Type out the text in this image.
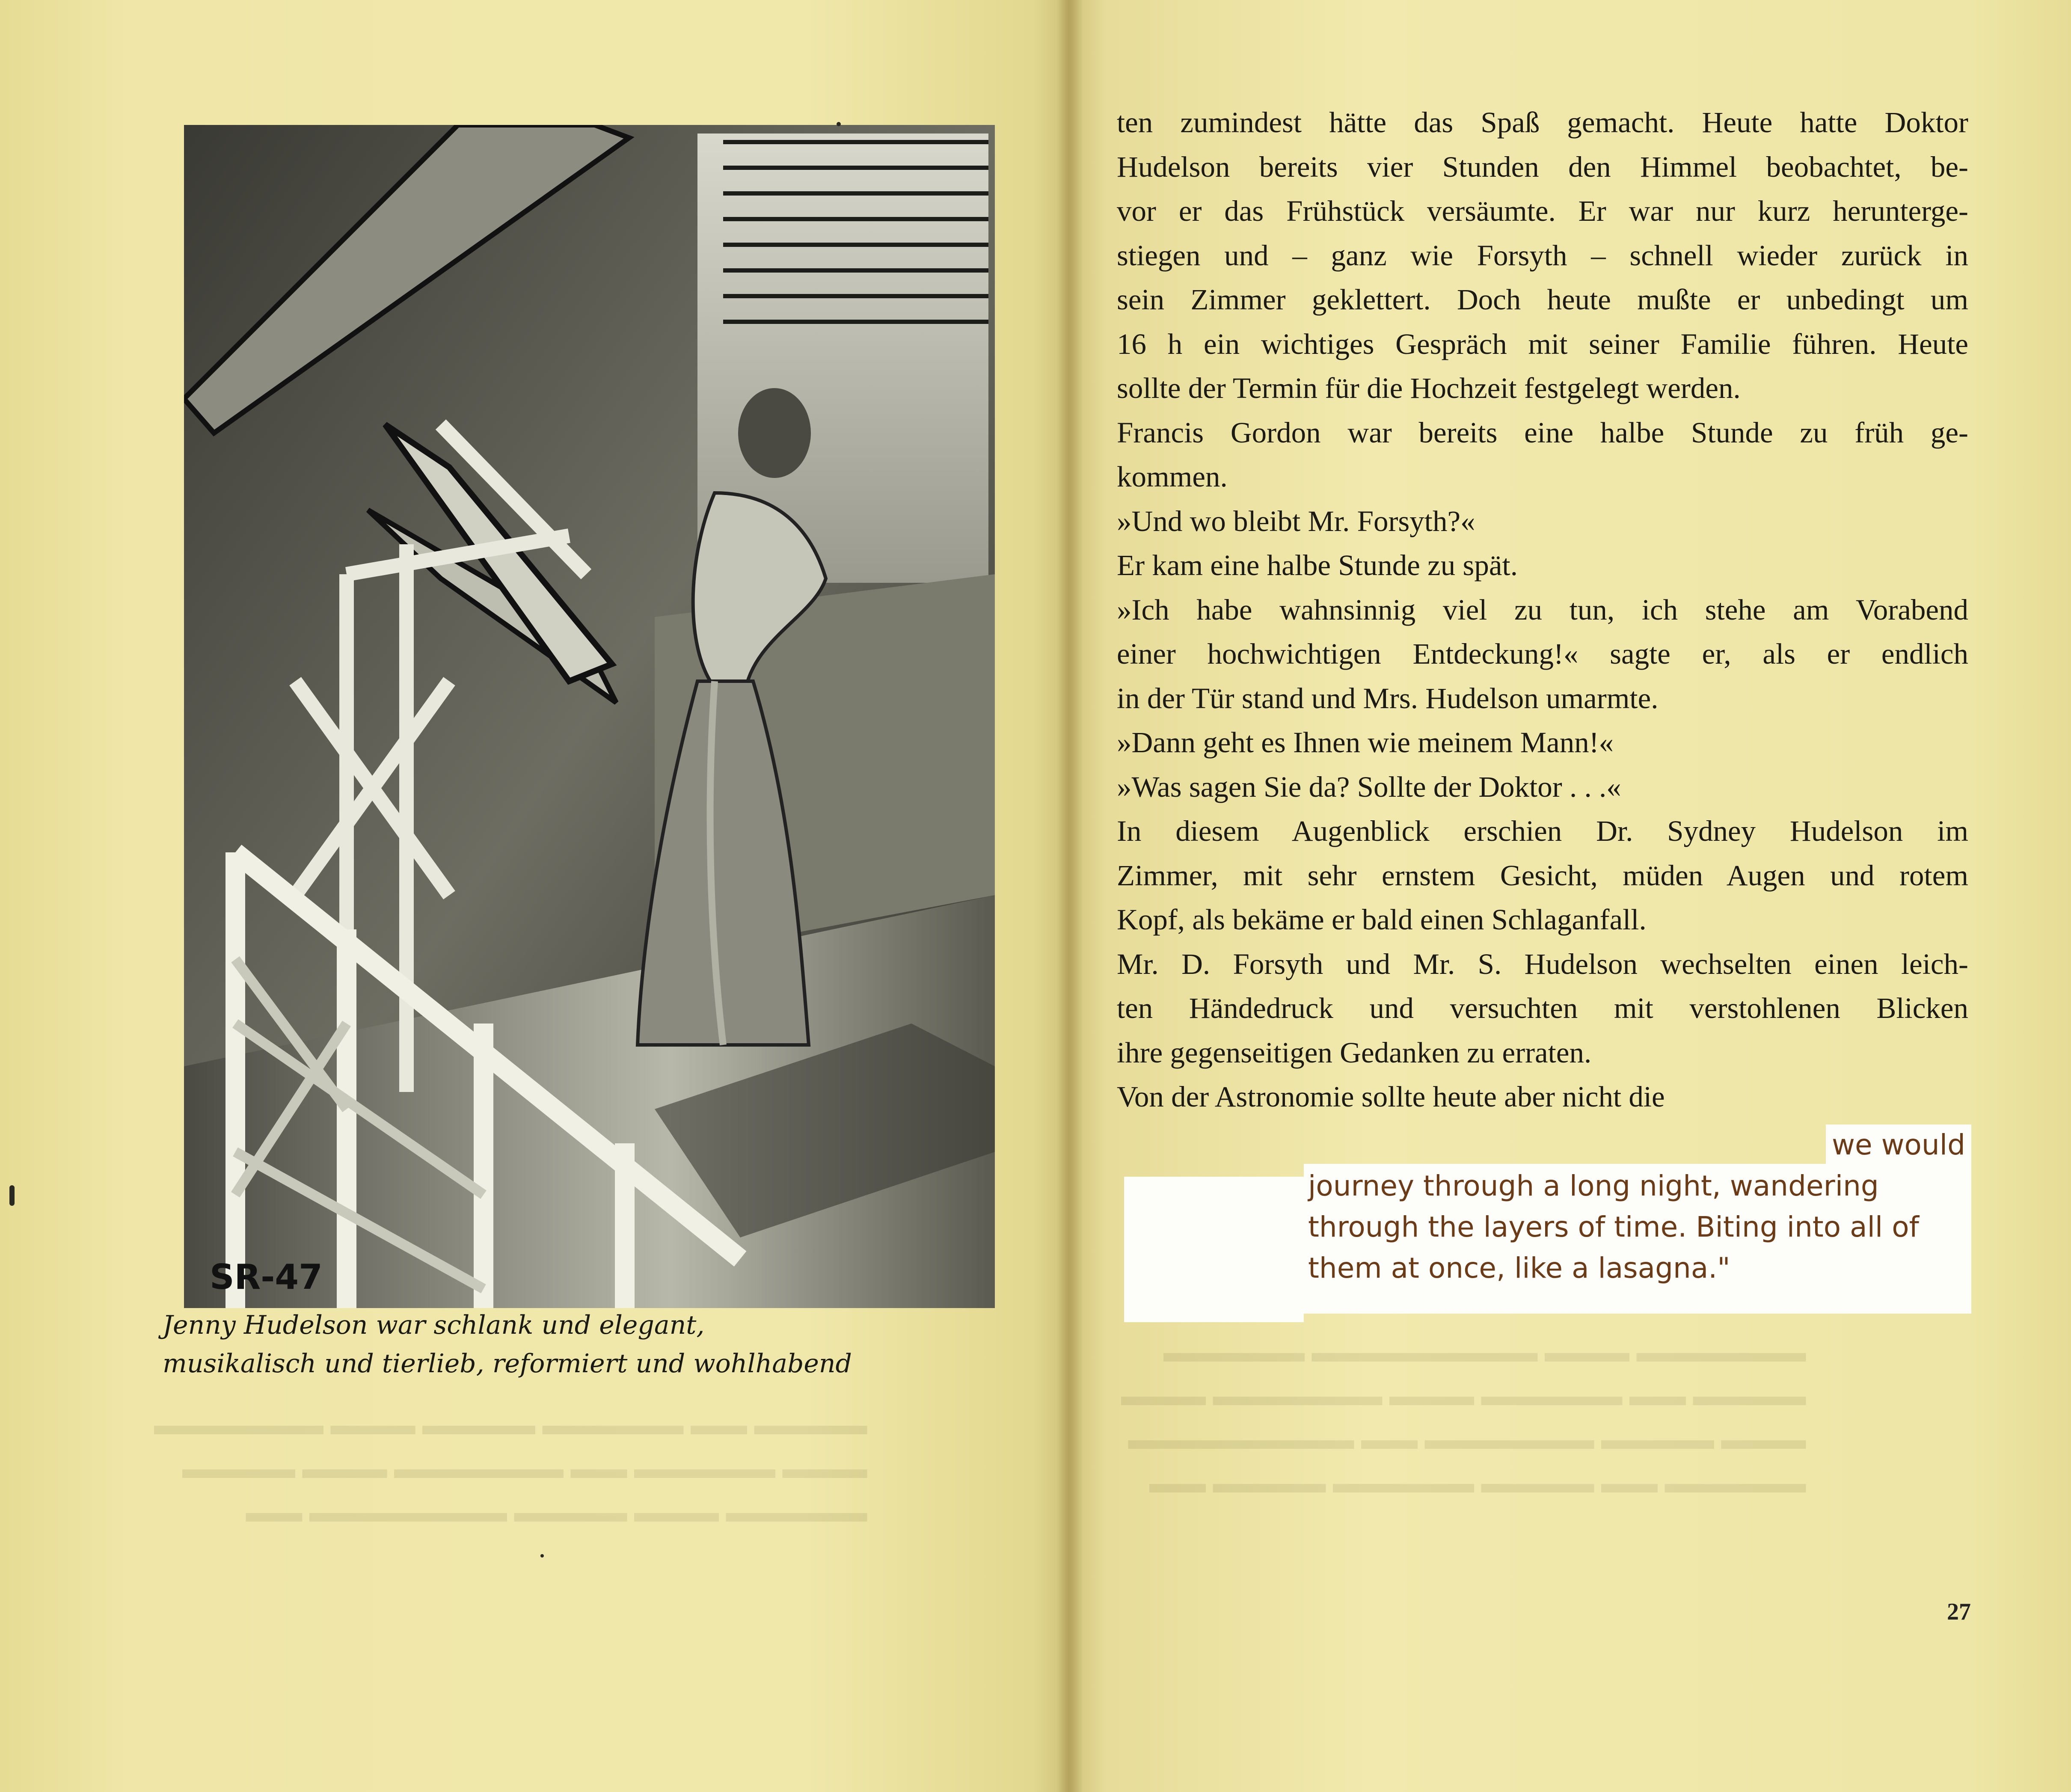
▬▬▬▬ ▬▬ ▬▬▬▬▬ ▬▬▬▬ ▬▬▬ ▬▬▬▬▬▬
▬▬▬ ▬▬▬▬▬ ▬▬ ▬▬▬▬▬▬ ▬▬▬ ▬▬▬▬
▬▬▬▬▬ ▬▬▬ ▬▬▬▬ ▬▬▬▬▬▬▬ ▬▬
▬▬▬▬▬▬ ▬▬▬ ▬▬▬▬▬▬▬▬ ▬▬▬▬▬
▬▬▬▬ ▬▬ ▬▬▬▬▬ ▬▬▬ ▬▬▬▬▬▬ ▬▬▬
▬▬▬ ▬▬▬▬ ▬▬▬▬▬▬ ▬▬ ▬▬▬▬▬▬▬▬
▬▬▬▬▬ ▬▬ ▬▬▬▬ ▬▬▬▬▬ ▬▬▬▬ ▬▬
SR-47
Jenny Hudelson war schlank und elegant,
musikalisch und tierlieb, reformiert und wohlhabend
ten zumindest hätte das Spaß gemacht. Heute hatte Doktor
Hudelson bereits vier Stunden den Himmel beobachtet, be-
vor er das Frühstück versäumte. Er war nur kurz herunterge-
stiegen und – ganz wie Forsyth – schnell wieder zurück in
sein Zimmer geklettert. Doch heute mußte er unbedingt um
16 h ein wichtiges Gespräch mit seiner Familie führen. Heute
sollte der Termin für die Hochzeit festgelegt werden.
Francis Gordon war bereits eine halbe Stunde zu früh ge-
kommen.
»Und wo bleibt Mr. Forsyth?«
Er kam eine halbe Stunde zu spät.
»Ich habe wahnsinnig viel zu tun, ich stehe am Vorabend
einer hochwichtigen Entdeckung!« sagte er, als er endlich
in der Tür stand und Mrs. Hudelson umarmte.
»Dann geht es Ihnen wie meinem Mann!«
»Was sagen Sie da? Sollte der Doktor . . .«
In diesem Augenblick erschien Dr. Sydney Hudelson im
Zimmer, mit sehr ernstem Gesicht, müden Augen und rotem
Kopf, als bekäme er bald einen Schlaganfall.
Mr. D. Forsyth und Mr. S. Hudelson wechselten einen leich-
ten Händedruck und versuchten mit verstohlenen Blicken
ihre gegenseitigen Gedanken zu erraten.
Von der Astronomie sollte heute aber nicht die
we would
journey through a long night, wandering
through the layers of time. Biting into all of
them at once, like a lasagna."
27
